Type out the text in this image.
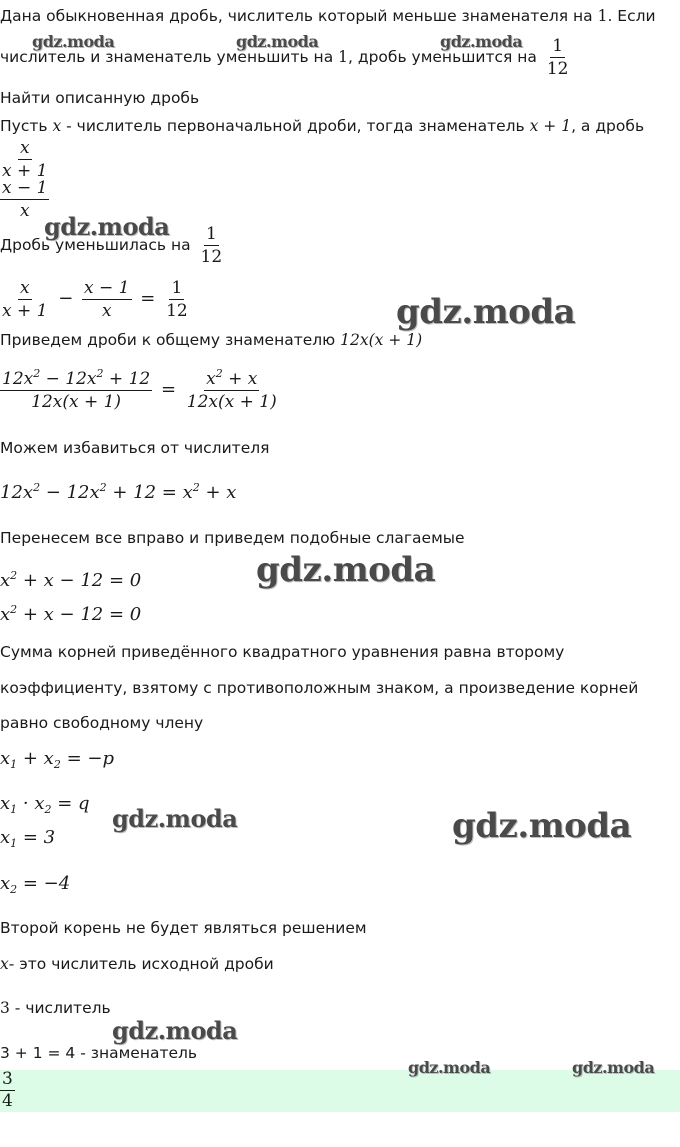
Дана обыкновенная дробь, числитель который меньше знаменателя на 1. Если
числитель и знаменатель уменьшить на 1, дробь уменьшится на $\frac{1}{12}$
Найти описанную дробь
Пусть x - числитель первоначальной дроби, тогда знаменатель x + 1, а дробь
$\frac{x}{x + 1}$
$\frac{x - 1}{x}$
Дробь уменьшилась на $\frac{1}{12}$
$\frac{x}{x + 1} - \frac{x - 1}{x} = \frac{1}{12}$
Приведем дроби к общему знаменателю 12x(x + 1)
$\frac{12x^2 - 12x^2 + 12}{12x(x + 1)} = \frac{x^2 + x}{12x(x + 1)}$
Можем избавиться от числителя
$12x^2 - 12x^2 + 12 = x^2 + x$
Перенесем все вправо и приведем подобные слагаемые
$x^2 + x - 12 = 0$
$x^2 + x - 12 = 0$
Сумма корней приведённого квадратного уравнения равна второму
коэффициенту, взятому с противоположным знаком, а произведение корней
равно свободному члену
$x_1 + x_2 = -p$
$x_1 \cdot x_2 = q$
$x_1 = 3$
$x_2 = -4$
Второй корень не будет являться решением
x- это числитель исходной дроби
3 - числитель
3 + 1 = 4 - знаменатель
$\frac{3}{4}$
gdz.moda	gdz.moda	gdz.moda
gdz.moda
gdz.moda
gdz.moda
gdz.moda	gdz.moda
gdz.moda
gdz.moda	gdz.moda
